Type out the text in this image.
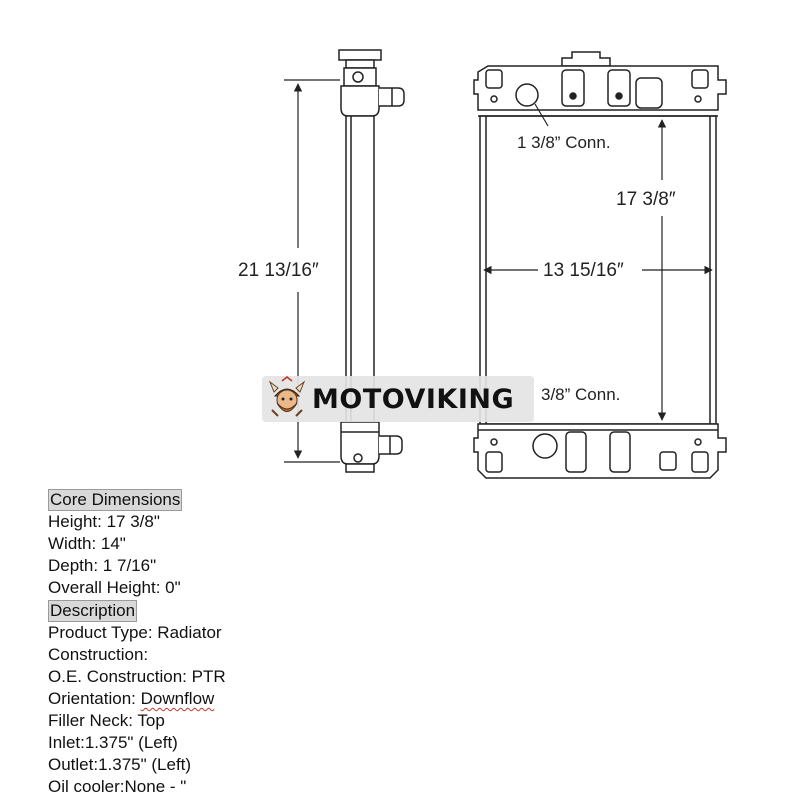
21 13/16″
17 3/8″
13 15/16″
1 3/8” Conn.
3/8” Conn.
MOTOVIKING
Core Dimensions
Height: 17 3/8"
Width: 14"
Depth: 1 7/16"
Overall Height: 0"
Description
Product Type: Radiator
Construction:
O.E. Construction: PTR
Orientation: Downflow
Filler Neck: Top
Inlet:1.375" (Left)
Outlet:1.375" (Left)
Oil cooler:None - "
